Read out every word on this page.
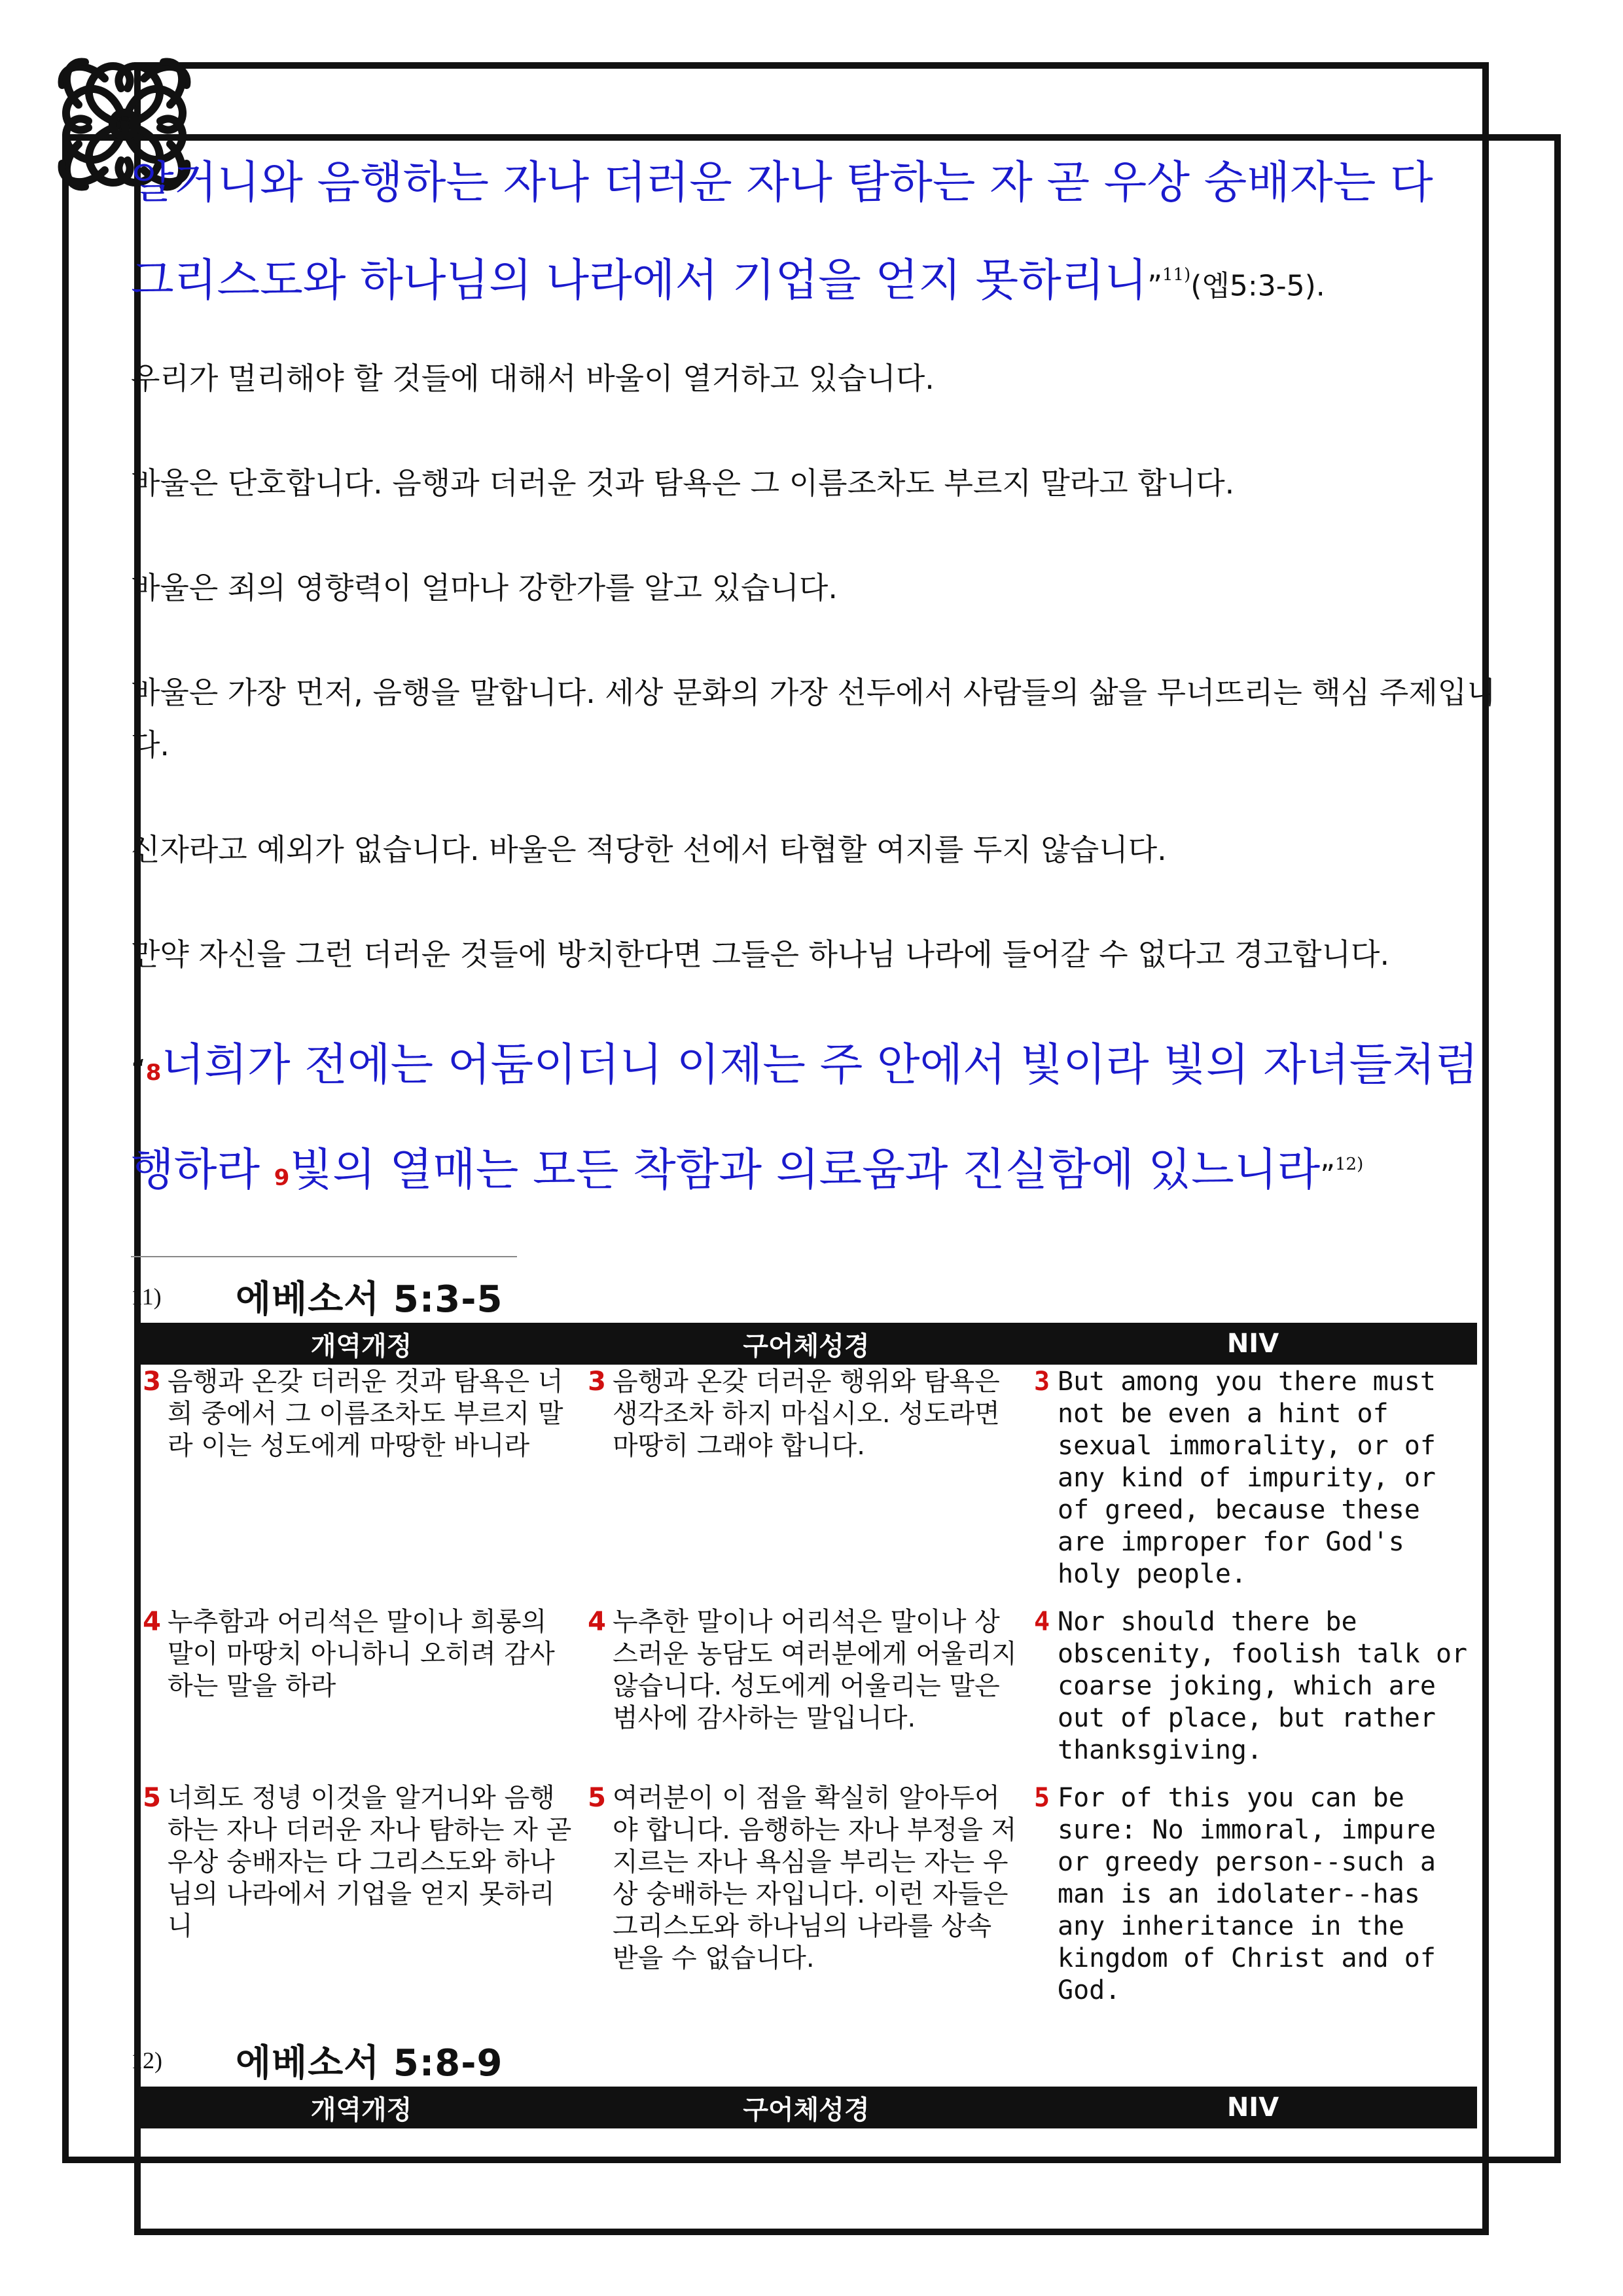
알거니와 음행하는 자나 더러운 자나 탐하는 자 곧 우상 숭배자는 다
그리스도와 하나님의 나라에서 기업을 얻지 못하리니”$^{11)}$(엡5:3-5).

우리가 멀리해야 할 것들에 대해서 바울이 열거하고 있습니다.

바울은 단호합니다. 음행과 더러운 것과 탐욕은 그 이름조차도 부르지 말라고 합니다.

바울은 죄의 영향력이 얼마나 강한가를 알고 있습니다.

바울은 가장 먼저, 음행을 말합니다. 세상 문화의 가장 선두에서 사람들의 삶을 무너뜨리는 핵심 주제입니다.

신자라고 예외가 없습니다. 바울은 적당한 선에서 타협할 여지를 두지 않습니다.

만약 자신을 그런 더러운 것들에 방치한다면 그들은 하나님 나라에 들어갈 수 없다고 경고합니다.

“8너희가 전에는 어둠이더니 이제는 주 안에서 빛이라 빛의 자녀들처럼
행하라 9빛의 열매는 모든 착함과 의로움과 진실함에 있느니라”$^{12)}$
11)	에베소서 5:3-5
개역개정	구어체성경	NIV
3 음행과 온갖 더러운 것과 탐욕은 너희 중에서 그 이름조차도 부르지 말라 이는 성도에게 마땅한 바니라	3 음행과 온갖 더러운 행위와 탐욕은 생각조차 하지 마십시오. 성도라면 마땅히 그래야 합니다.	3 But among you there must not be even a hint of sexual immorality, or of any kind of impurity, or of greed, because these are improper for God's holy people.

4 누추함과 어리석은 말이나 희롱의 말이 마땅치 아니하니 오히려 감사하는 말을 하라	4 누추한 말이나 어리석은 말이나 상스러운 농담도 여러분에게 어울리지 않습니다. 성도에게 어울리는 말은 범사에 감사하는 말입니다.	4 Nor should there be obscenity, foolish talk or coarse joking, which are out of place, but rather thanksgiving.

5 너희도 정녕 이것을 알거니와 음행하는 자나 더러운 자나 탐하는 자 곧 우상 숭배자는 다 그리스도와 하나님의 나라에서 기업을 얻지 못하리니	5 여러분이 이 점을 확실히 알아두어야 합니다. 음행하는 자나 부정을 저지르는 자나 욕심을 부리는 자는 우상 숭배하는 자입니다. 이런 자들은 그리스도와 하나님의 나라를 상속 받을 수 없습니다.	5 For of this you can be sure: No immoral, impure or greedy person--such a man is an idolater--has any inheritance in the kingdom of Christ and of God.
12)	에베소서 5:8-9
개역개정	구어체성경	NIV
